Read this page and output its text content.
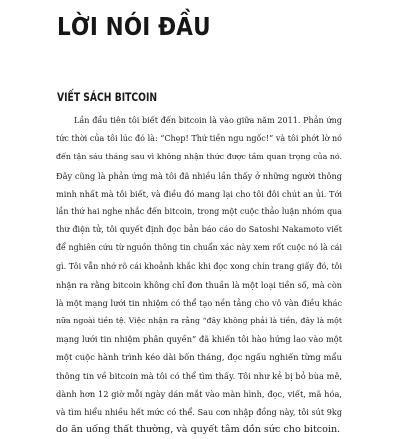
LỜI NÓI ĐẦU
VIẾT SÁCH BITCOIN
Lần đầu tiên tôi biết đến bitcoin là vào giữa năm 2011. Phản ứng
tức thời của tôi lúc đó là: “Chẹp! Thứ tiền ngu ngốc!” và tôi phớt lờ nó
đến tận sáu tháng sau vì không nhận thức được tầm quan trọng của nó.
Đây cũng là phản ứng mà tôi đã nhiều lần thấy ở những người thông
minh nhất mà tôi biết, và điều đó mang lại cho tôi đôi chút an ủi. Tới
lần thứ hai nghe nhắc đến bitcoin, trong một cuộc thảo luận nhóm qua
thư điện tử, tôi quyết định đọc bản báo cáo do Satoshi Nakamoto viết
để nghiên cứu từ nguồn thông tin chuẩn xác này xem rốt cuộc nó là cái
gì. Tôi vẫn nhớ rõ cái khoảnh khắc khi đọc xong chín trang giấy đó, tôi
nhận ra rằng bitcoin không chỉ đơn thuần là một loại tiền số, mà còn
là một mạng lưới tin nhiệm có thể tạo nền tảng cho vô vàn điều khác
nữa ngoài tiền tệ. Việc nhận ra rằng “đây không phải là tiền, đây là một
mạng lưới tin nhiệm phân quyền” đã khiến tôi hào hứng lao vào một
một cuộc hành trình kéo dài bốn tháng, đọc ngấu nghiến từng mẩu
thông tin về bitcoin mà tôi có thể tìm thấy. Tôi như kẻ bị bỏ bùa mê,
dành hơn 12 giờ mỗi ngày dán mắt vào màn hình, đọc, viết, mã hóa,
và tìm hiểu nhiều hết mức có thể. Sau cơn nhập đồng này, tôi sút 9kg
do ăn uống thất thường, và quyết tâm dồn sức cho bitcoin.
